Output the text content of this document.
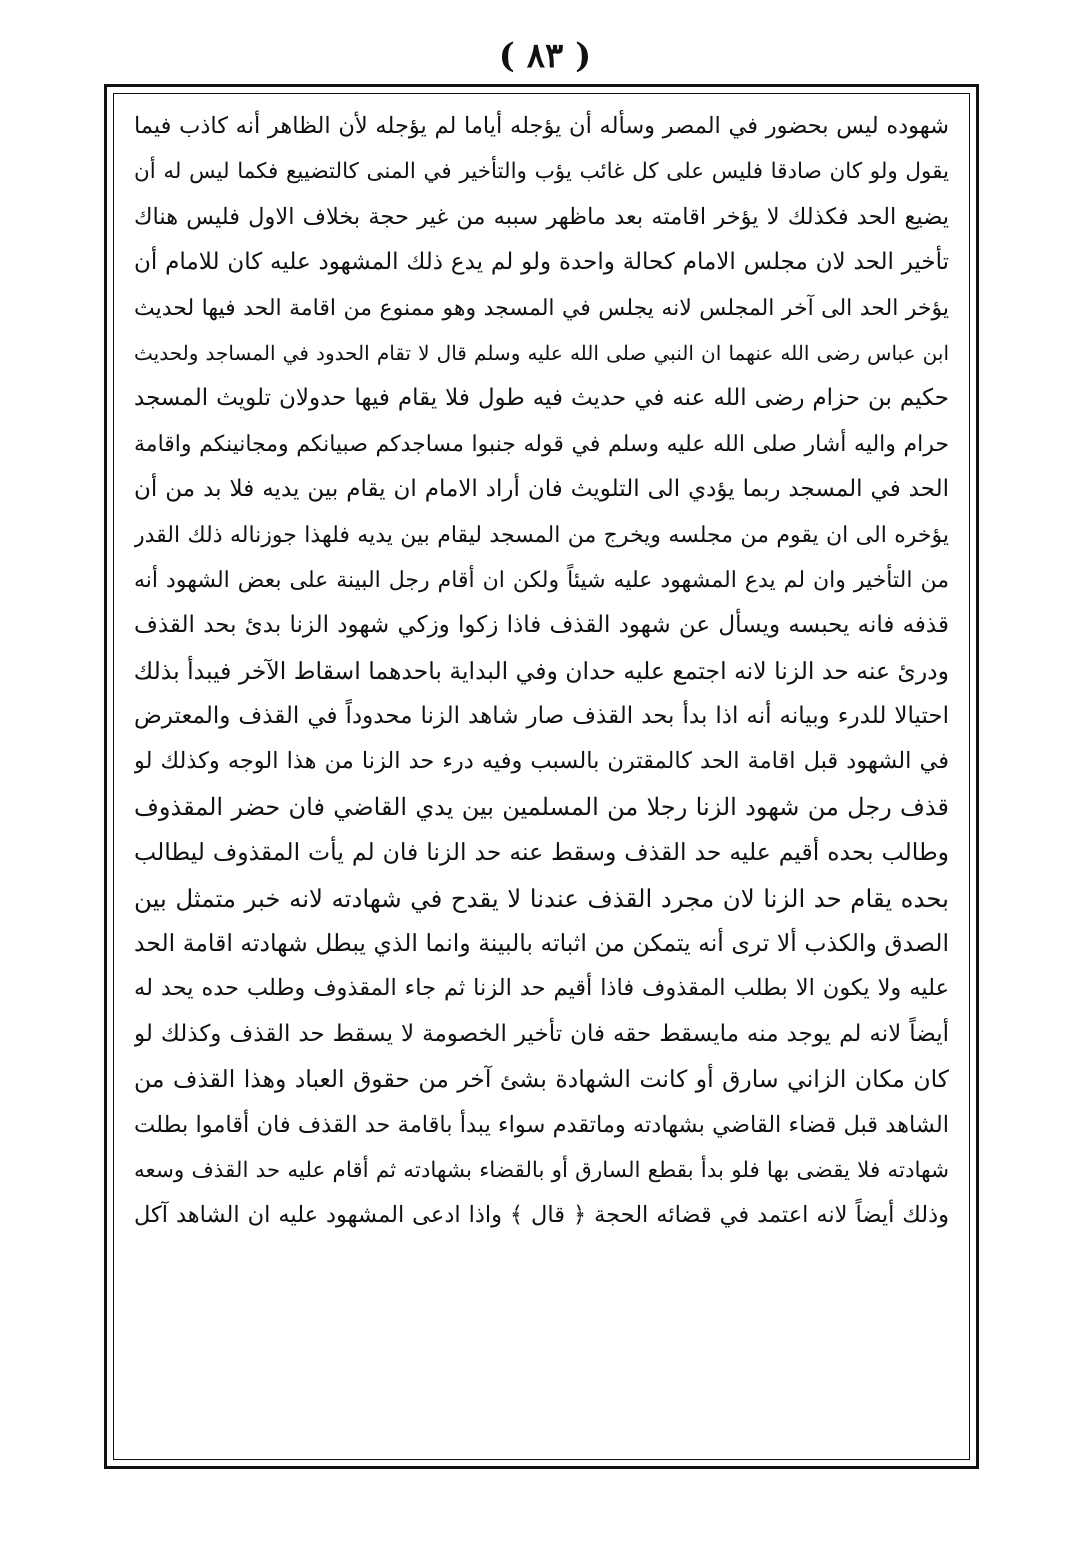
( ٨٣ )
شهوده ليس بحضور في المصر وسأله أن يؤجله أياما لم يؤجله لأن الظاهر أنه كاذب فيما
يقول ولو كان صادقا فليس على كل غائب يؤب والتأخير في المنى كالتضييع فكما ليس له أن
يضيع الحد فكذلك لا يؤخر اقامته بعد ماظهر سببه من غير حجة بخلاف الاول فليس هناك
تأخير الحد لان مجلس الامام كحالة واحدة ولو لم يدع ذلك المشهود عليه كان للامام أن
يؤخر الحد الى آخر المجلس لانه يجلس في المسجد وهو ممنوع من اقامة الحد فيها لحديث
ابن عباس رضى الله عنهما ان النبي صلى الله عليه وسلم قال لا تقام الحدود في المساجد ولحديث
حكيم بن حزام رضى الله عنه في حديث فيه طول فلا يقام فيها حدولان تلويث المسجد
حرام واليه أشار صلى الله عليه وسلم في قوله جنبوا مساجدكم صبيانكم ومجانينكم واقامة
الحد في المسجد ربما يؤدي الى التلويث فان أراد الامام ان يقام بين يديه فلا بد من أن
يؤخره الى ان يقوم من مجلسه ويخرج من المسجد ليقام بين يديه فلهذا جوزناله ذلك القدر
من التأخير وان لم يدع المشهود عليه شيئاً ولكن ان أقام رجل البينة على بعض الشهود أنه
قذفه فانه يحبسه ويسأل عن شهود القذف فاذا زكوا وزكي شهود الزنا بدئ بحد القذف
ودرئ عنه حد الزنا لانه اجتمع عليه حدان وفي البداية باحدهما اسقاط الآخر فيبدأ بذلك
احتيالا للدرء وبيانه أنه اذا بدأ بحد القذف صار شاهد الزنا محدوداً في القذف والمعترض
في الشهود قبل اقامة الحد كالمقترن بالسبب وفيه درء حد الزنا من هذا الوجه وكذلك لو
قذف رجل من شهود الزنا رجلا من المسلمين بين يدي القاضي فان حضر المقذوف
وطالب بحده أقيم عليه حد القذف وسقط عنه حد الزنا فان لم يأت المقذوف ليطالب
بحده يقام حد الزنا لان مجرد القذف عندنا لا يقدح في شهادته لانه خبر متمثل بين
الصدق والكذب ألا ترى أنه يتمكن من اثباته بالبينة وانما الذي يبطل شهادته اقامة الحد
عليه ولا يكون الا بطلب المقذوف فاذا أقيم حد الزنا ثم جاء المقذوف وطلب حده يحد له
أيضاً لانه لم يوجد منه مايسقط حقه فان تأخير الخصومة لا يسقط حد القذف وكذلك لو
كان مكان الزاني سارق أو كانت الشهادة بشئ آخر من حقوق العباد وهذا القذف من
الشاهد قبل قضاء القاضي بشهادته وماتقدم سواء يبدأ باقامة حد القذف فان أقاموا بطلت
شهادته فلا يقضى بها فلو بدأ بقطع السارق أو بالقضاء بشهادته ثم أقام عليه حد القذف وسعه
وذلك أيضاً لانه اعتمد في قضائه الحجة ﴿ قال ﴾ واذا ادعى المشهود عليه ان الشاهد آكل
